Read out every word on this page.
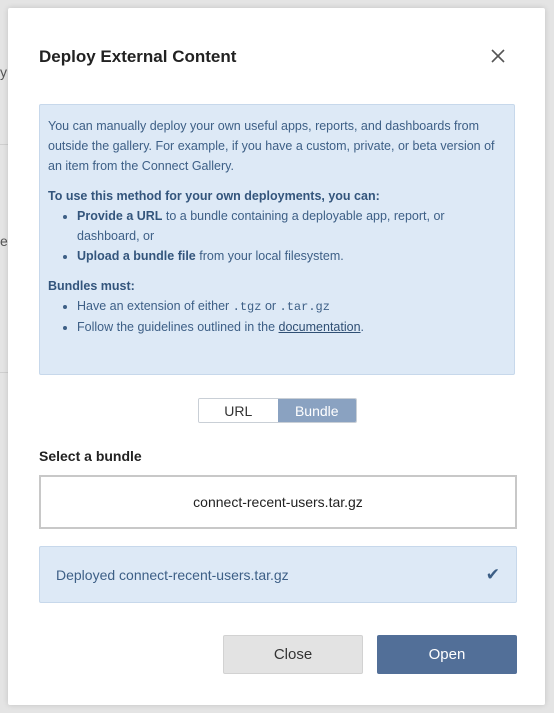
y
e
Deploy External Content

You can manually deploy your own useful apps, reports, and dashboards from outside the gallery. For example, if you have a custom, private, or beta version of an item from the Connect Gallery.

To use this method for your own deployments, you can:

• Provide a URL to a bundle containing a deployable app, report, or dashboard, or
• Upload a bundle file from your local filesystem.

Bundles must:

• Have an extension of either .tgz or .tar.gz
• Follow the guidelines outlined in the documentation.
URL	Bundle
Select a bundle
connect-recent-users.tar.gz
Deployed connect-recent-users.tar.gz	✔
Close	Open
